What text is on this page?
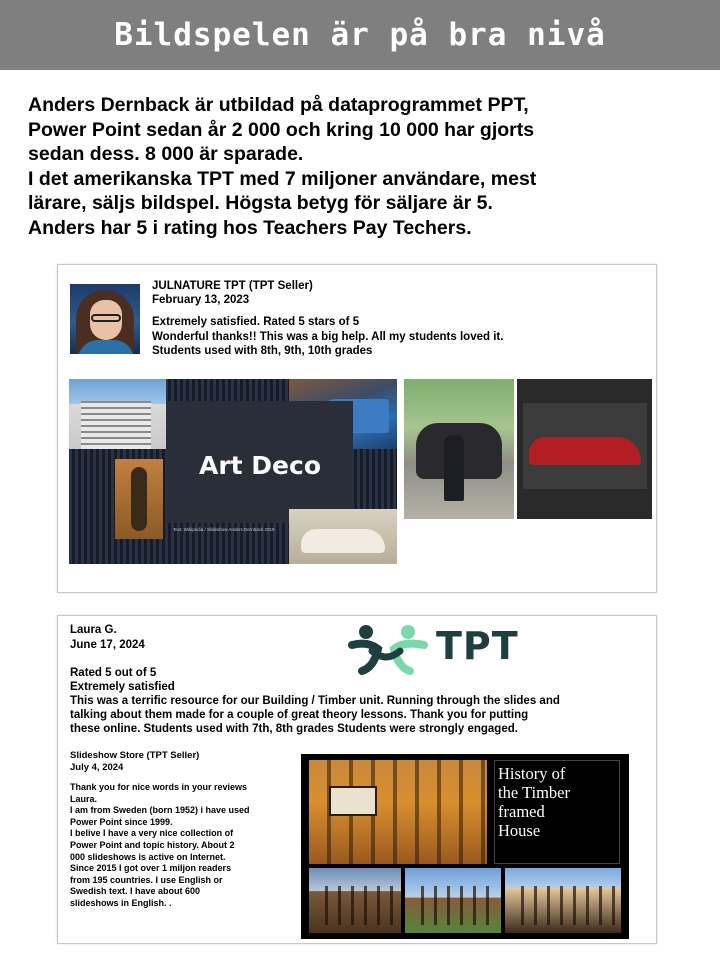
Bildspelen är på bra nivå
Anders Dernback är utbildad på dataprogrammet PPT,
Power Point sedan år 2 000 och kring 10 000 har gjorts
sedan dess. 8 000 är sparade.
I det amerikanska TPT med 7 miljoner användare, mest
lärare, säljs bildspel. Högsta betyg för säljare är 5.
Anders har 5 i rating hos Teachers Pay Techers.
JULNATURE TPT (TPT Seller)
February 13, 2023
Extremely satisfied. Rated 5 stars of 5
Wonderful thanks!! This was a big help. All my students loved it.
Students used with 8th, 9th, 10th grades
Art Deco
Text: Wikipedia / Slideshow Anders Dernback 2019
Laura G.
June 17, 2024
Rated 5 out of 5
Extremely satisfied
This was a terrific resource for our Building / Timber unit. Running through the slides and
talking about them made for a couple of great theory lessons. Thank you for putting
these online. Students used with 7th, 8th grades Students were strongly engaged.
TPT
Slideshow Store (TPT Seller)
July 4, 2024
Thank you for nice words in your reviews
Laura.
I am from Sweden (born 1952) i have used
Power Point since 1999.
I belive I have a very nice collection of
Power Point and topic history. About 2
000 slideshows is active on Internet.
Since 2015 I got over 1 miljon readers
from 195 countries. I use English or
Swedish text. I have about 600
slideshows in English. .
History of
the Timber
framed
House
